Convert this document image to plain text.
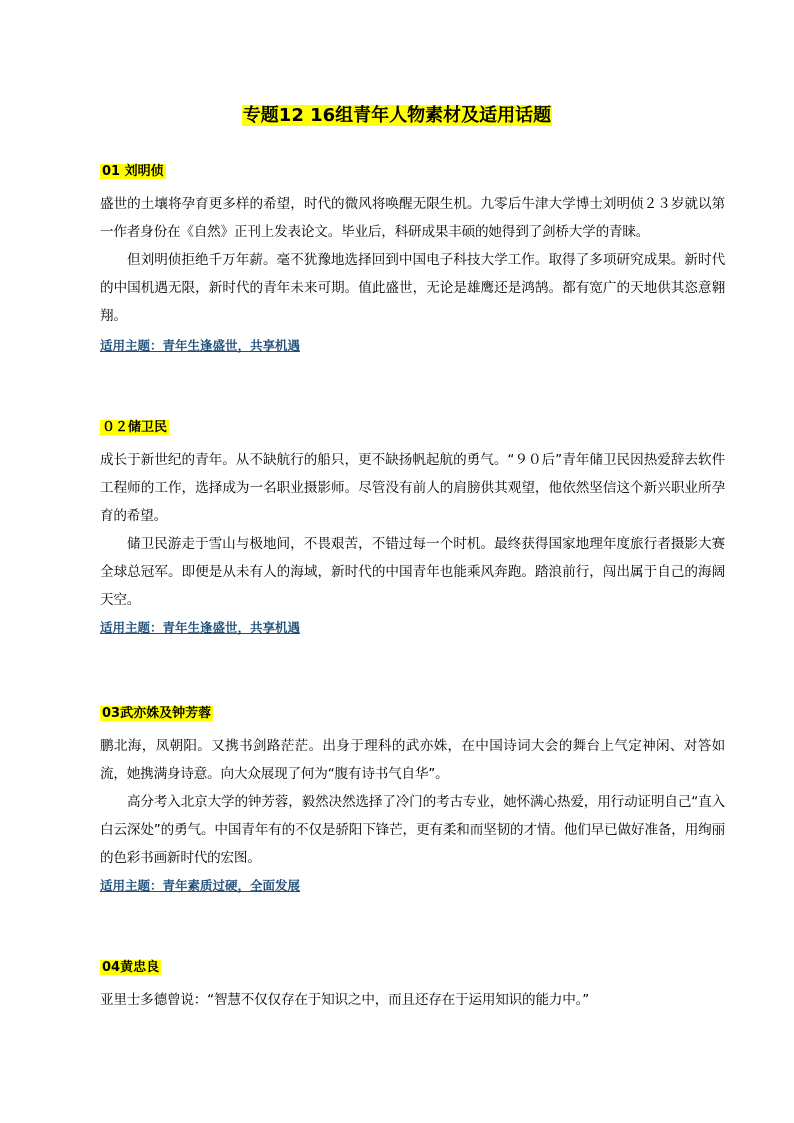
专题12 16组青年人物素材及适用话题

01 刘明侦

盛世的土壤将孕育更多样的希望，时代的微风将唤醒无限生机。九零后牛津大学博士刘明侦２３岁就以第一作者身份在《自然》正刊上发表论文。毕业后，科研成果丰硕的她得到了剑桥大学的青睐。

但刘明侦拒绝千万年薪。毫不犹豫地选择回到中国电子科技大学工作。取得了多项研究成果。新时代的中国机遇无限，新时代的青年未来可期。值此盛世，无论是雄鹰还是鸿鹄。都有宽广的天地供其恣意翱翔。

适用主题：青年生逢盛世，共享机遇

０２储卫民

成长于新世纪的青年。从不缺航行的船只，更不缺扬帆起航的勇气。“９０后”青年储卫民因热爱辞去软件工程师的工作，选择成为一名职业摄影师。尽管没有前人的肩膀供其观望，他依然坚信这个新兴职业所孕育的希望。

储卫民游走于雪山与极地间，不畏艰苦，不错过每一个时机。最终获得国家地理年度旅行者摄影大赛全球总冠军。即便是从未有人的海域，新时代的中国青年也能乘风奔跑。踏浪前行，闯出属于自己的海阔天空。

适用主题：青年生逢盛世，共享机遇

03武亦姝及钟芳蓉

鹏北海，凤朝阳。又携书剑路茫茫。出身于理科的武亦姝，在中国诗词大会的舞台上气定神闲、对答如流，她携满身诗意。向大众展现了何为“腹有诗书气自华”。

高分考入北京大学的钟芳蓉，毅然决然选择了冷门的考古专业，她怀满心热爱，用行动证明自己“直入白云深处”的勇气。中国青年有的不仅是骄阳下锋芒，更有柔和而坚韧的才情。他们早已做好准备，用绚丽的色彩书画新时代的宏图。

适用主题：青年素质过硬，全面发展

04黄忠良

亚里士多德曾说：“智慧不仅仅存在于知识之中，而且还存在于运用知识的能力中。”
